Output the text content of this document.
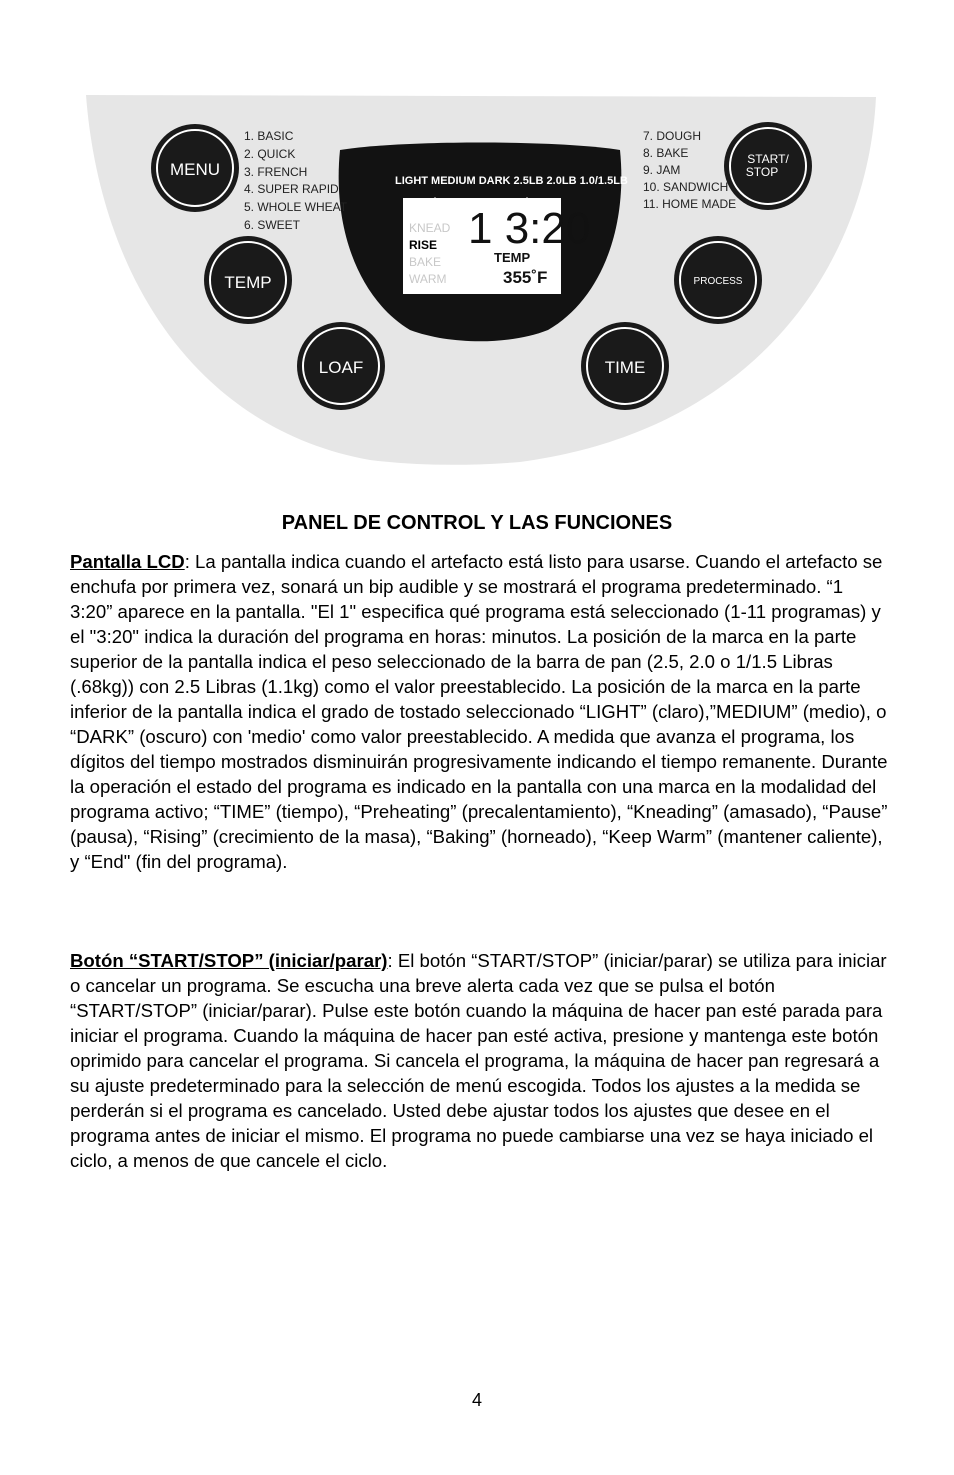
LIGHT MEDIUM DARK 2.5LB 2.0LB 1.0/1.5LB
KNEAD
RISE
BAKE
WARM
1 3:20
TEMP
355˚F
1. BASIC
2. QUICK
3. FRENCH
4. SUPER RAPID
5. WHOLE WHEAT
6. SWEET
7. DOUGH
8. BAKE
9. JAM
10. SANDWICH
11. HOME MADE
MENU
START/
STOP
TEMP	PROCESS
LOAF	TIME
PANEL DE CONTROL Y LAS FUNCIONES
Pantalla LCD: La pantalla indica cuando el artefacto está listo para usarse. Cuando el artefacto se enchufa por primera vez, sonará un bip audible y se mostrará el programa predeterminado. “1 3:20” aparece en la pantalla. "El 1" especifica qué programa está seleccionado (1-11 programas) y el "3:20" indica la duración del programa en horas: minutos. La posición de la marca en la parte superior de la pantalla indica el peso seleccionado de la barra de pan (2.5, 2.0 o 1/1.5 Libras (.68kg)) con 2.5 Libras (1.1kg) como el valor preestablecido. La posición de la marca en la parte inferior de la pantalla indica el grado de tostado seleccionado “LIGHT” (claro),”MEDIUM” (medio), o “DARK” (oscuro) con 'medio' como valor preestablecido. A medida que avanza el programa, los dígitos del tiempo mostrados disminuirán progresivamente indicando el tiempo remanente. Durante la operación el estado del programa es indicado en la pantalla con una marca en la modalidad del programa activo; “TIME” (tiempo), “Preheating” (precalentamiento), “Kneading” (amasado), “Pause” (pausa), “Rising” (crecimiento de la masa), “Baking” (horneado), “Keep Warm” (mantener caliente), y “End" (fin del programa).
Botón “START/STOP” (iniciar/parar): El botón “START/STOP” (iniciar/parar) se utiliza para iniciar o cancelar un programa. Se escucha una breve alerta cada vez que se pulsa el botón “START/STOP” (iniciar/parar). Pulse este botón cuando la máquina de hacer pan esté parada para iniciar el programa. Cuando la máquina de hacer pan esté activa, presione y mantenga este botón oprimido para cancelar el programa. Si cancela el programa, la máquina de hacer pan regresará a su ajuste predeterminado para la selección de menú escogida. Todos los ajustes a la medida se perderán si el programa es cancelado. Usted debe ajustar todos los ajustes que desee en el programa antes de iniciar el mismo. El programa no puede cambiarse una vez se haya iniciado el ciclo, a menos de que cancele el ciclo.
4
